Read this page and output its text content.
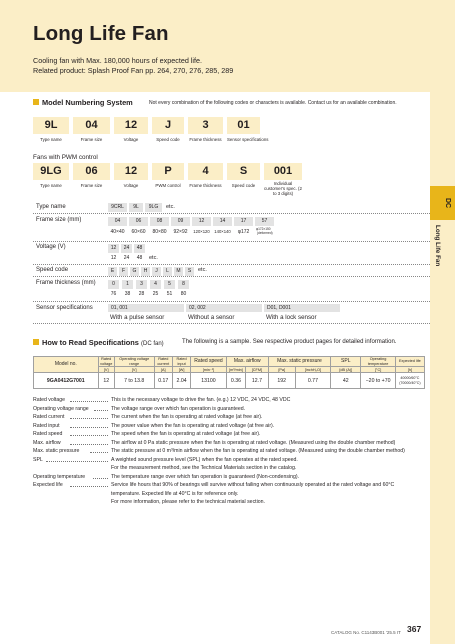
Long Life Fan
Cooling fan with Max. 180,000 hours of expected life.
Related product: Splash Proof Fan pp. 264, 270, 276, 285, 289
DC
Long Life Fan
Model Numbering System	Not every combination of the following codes or characters is available. Contact us for an available combination.
9L	04	12	J	3	01
Type name	Frame size	Voltage	Speed code	Frame thickness	Sensor specifications
Fans with PWM control
9LG	06	12	P	4	S	001
Type name	Frame size	Voltage	PWM control	Frame thickness	Speed code	Individual customer's spec. (2 to 3 digits)
Type name	9CRL	9L	9LG	etc.
Frame size (mm)	04	06	08	09	12	14	17	57
40×40	60×60	80×80	92×92	120×120	140×140	φ172
φ172×150
(deformed)
Voltage (V)	12	24	48
12	24	48	etc.
Speed code	E	F	G	H	J	L	M	S	etc.
Frame thickness (mm)	0	1	3	4	5	8
76	38	28	25	51	80
Sensor specifications	01, 001	02, 002	D01, D001
With a pulse sensor	Without a sensor	With a lock sensor
How to Read Specifications (DC fan)	The following is a sample. See respective product pages for detailed information.
Model no.	Rated voltage	Operating voltage range	Rated current	Rated input	Rated speed	Max. airflow		Max. static pressure		SPL	Operating temperature	Expected life
	[V]	[V]	[A]	[W]	[min⁻¹]	[m³/min]	[CFM]	[Pa]	[inchH₂O]	[dB (A)]	[°C]	[h]
9GA0412G7001	12	7 to 13.8	0.17	2.04	13100	0.36	12.7	192	0.77	42	−20 to +70	40000/60°C
(70000/40°C)
Rated voltage	This is the necessary voltage to drive the fan. (e.g.) 12 VDC, 24 VDC, 48 VDC
Operating voltage range	The voltage range over which fan operation is guaranteed.
Rated current	The current when the fan is operating at rated voltage (at free air).
Rated input	The power value when the fan is operating at rated voltage (at free air).
Rated speed	The speed when the fan is operating at rated voltage (at free air).
Max. airflow	The airflow at 0 Pa static pressure when the fan is operating at rated voltage. (Measured using the double chamber method)
Max. static pressure	The static pressure at 0 m³/min airflow when the fan is operating at rated voltage. (Measured using the double chamber method)
SPL	A weighted sound pressure level (SPL) when the fan operates at the rated speed.
For the measurement method, see the Technical Materials section in the catalog.
Operating temperature	The temperature range over which fan operation is guaranteed (Non-condensing).
Expected life	Service life hours that 90% of bearings will survive without failing when continuously operated at the rated voltage and 60°C
temperature. Expected life at 40°C is for reference only.
For more information, please refer to the technical material section.
CATALOG No. C1143B001 '25.5 IT 367
